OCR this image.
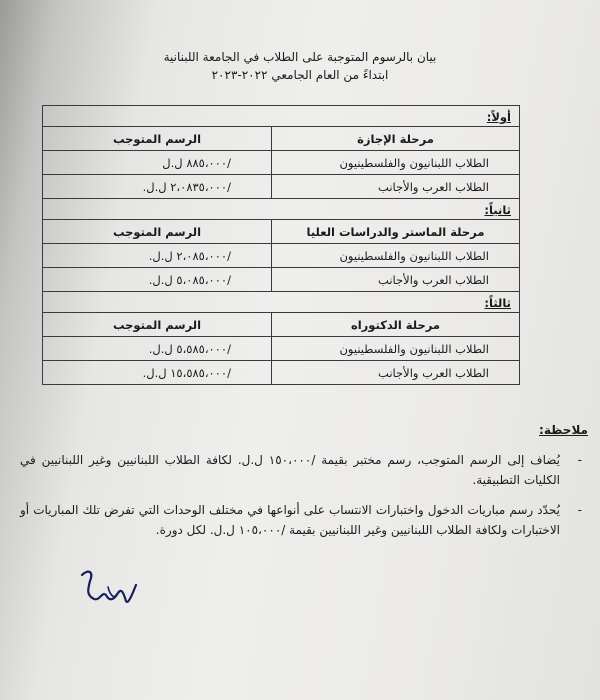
بيان بالرسوم المتوجبة على الطلاب في الجامعة اللبنانية
ابتداءً من العام الجامعي ٢٠٢٢-٢٠٢٣
أولاً:	
مرحلة الإجازة	الرسم المتوجب
الطلاب اللبنانيون والفلسطينيون	/٨٨٥،٠٠٠ ل.ل
الطلاب العرب والأجانب	/٢،٠٨٣٥،٠٠٠ ل.ل.
ثانياً:	
مرحلة الماستر والدراسات العليا	الرسم المتوجب
الطلاب اللبنانيون والفلسطينيون	/٢،٠٨٥،٠٠٠ ل.ل.
الطلاب العرب والأجانب	/٥،٠٨٥،٠٠٠ ل.ل.
ثالثاً:	
مرحلة الدكتوراه	الرسم المتوجب
الطلاب اللبنانيون والفلسطينيون	/٥،٥٨٥،٠٠٠ ل.ل.
الطلاب العرب والأجانب	/١٥،٥٨٥،٠٠٠ ل.ل.
ملاحظة:
-
يُضاف إلى الرسم المتوجب، رسم مختبر بقيمة /١٥٠،٠٠٠ ل.ل. لكافة الطلاب اللبنانيين وغير اللبنانيين في الكليات التطبيقية.
-
يُحدّد رسم مباريات الدخول واختبارات الانتساب على أنواعها في مختلف الوحدات التي تفرض تلك المباريات أو الاختبارات ولكافة الطلاب اللبنانيين وغير اللبنانيين بقيمة /١٠٥،٠٠٠ ل.ل. لكل دورة.
